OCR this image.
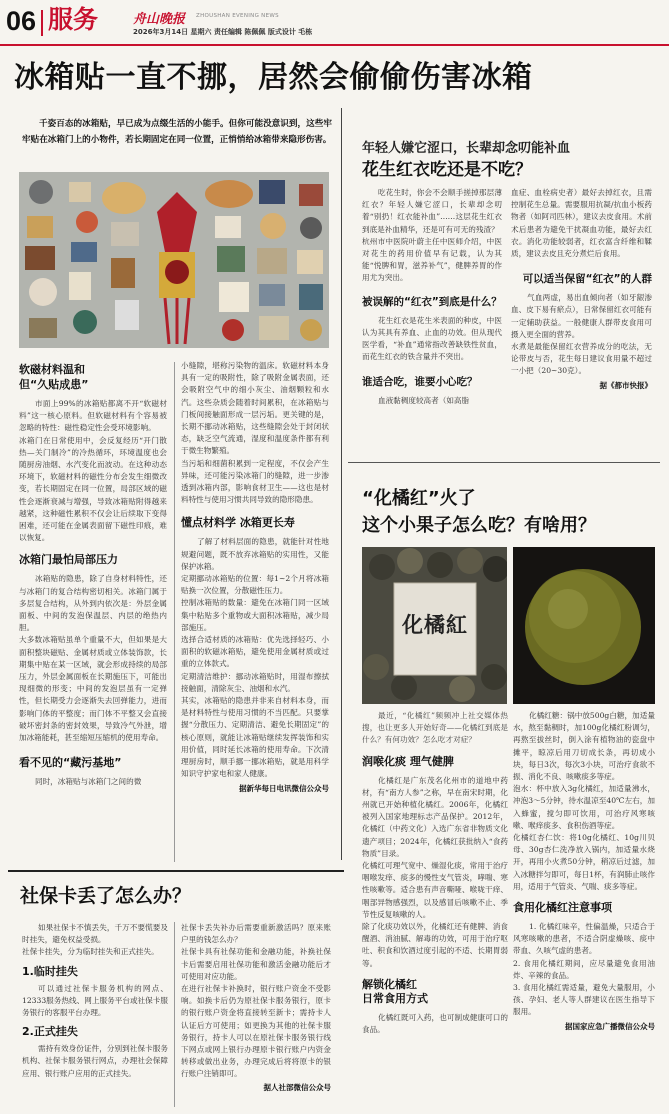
06 服务	舟山晚报 ZHOUSHAN EVENING NEWS
2026年3月14日 星期六 责任编辑 陈佩佩 版式设计 毛栋
冰箱贴一直不挪，居然会偷偷伤害冰箱
千姿百态的冰箱贴，早已成为点缀生活的小能手。但你可能没意识到，这些牢牢贴在冰箱门上的小物件，若长期固定在同一位置，正悄悄给冰箱带来隐形伤害。
软磁材料温和
但“久贴成患”
市面上99%的冰箱贴都离不开“软磁材料”这一核心原料。但软磁材料有个容易被忽略的特性：磁性稳定性会受环境影响。
冰箱门在日常使用中，会反复经历“开门散热—关门制冷”的冷热循环，环境温度也会随厨房油烟、水汽变化而波动。在这种动态环境下，软磁材料的磁性分布会发生细微改变，若长期固定在同一位置，局部区域的磁性会逐渐衰减与增强，导致冰箱贴附得越来越紧，这种磁性累积不仅会让后续取下变得困难，还可能在金属表面留下磁性印痕，难以恢复。
冰箱门最怕局部压力
冰箱贴的隐患，除了自身材料特性，还与冰箱门的复合结构密切相关。冰箱门属于多层复合结构，从外到内依次是：外层金属面板、中间的发泡保温层、内层的绝热内胆。
大多数冰箱贴虽单个重量不大，但如果是大面积整块磁贴、金属材质或立体装饰款，长期集中贴在某一区域，就会形成持续的局部压力，外层金属面板在长期施压下，可能出现细微的形变；中间的发泡层虽有一定弹性，但长期受力会逐渐失去回弹能力，进而影响门体的平整度；而门体不平整又会直接破坏密封条的密封效果，导致冷气外泄，增加冰箱能耗，甚至缩短压缩机的使用寿命。
看不见的“藏污基地”
同时，冰箱贴与冰箱门之间的微
小缝隙，堪称污染物的温床。软磁材料本身具有一定的吸附性，除了吸附金属表面，还会吸附空气中的细小灰尘、油烟颗粒和水汽。这些杂质会随着时间累积，在冰箱贴与门板间接触面形成一层污垢。更关键的是，长期不挪动冰箱贴，这些缝隙会处于封闭状态，缺乏空气流通，湿度和温度条件都有利于微生物繁殖。
当污垢和细菌积累到一定程度，不仅会产生异味，还可能污染冰箱门的缝隙，进一步渗透到冰箱内部，影响食材卫生——这也是材料特性与使用习惯共同导致的隐形隐患。
懂点材料学 冰箱更长寿
了解了材料层面的隐患，就能针对性地规避问题，既不放弃冰箱贴的实用性，又能保护冰箱。
定期挪动冰箱贴的位置：每1~2个月将冰箱贴换一次位置，分散磁性压力。
控制冰箱贴的数量：避免在冰箱门同一区域集中粘贴多个重物或大面积冰箱贴，减少局部施压。
选择合适材质的冰箱贴：优先选择轻巧、小面积的软磁冰箱贴，避免使用金属材质或过重的立体款式。
定期清洁维护：挪动冰箱贴时，用湿布擦拭接触面，清除灰尘、油烟和水汽。
其实，冰箱贴的隐患并非来自材料本身，而是材料特性与使用习惯的不当匹配。只要掌握“分散压力、定期清洁、避免长期固定”的核心原则，就能让冰箱贴继续发挥装饰和实用价值，同时延长冰箱的使用寿命。下次清理厨房时，顺手挪一挪冰箱贴，就是用科学知识守护家电和家人健康。
据新华每日电讯微信公众号
年轻人嫌它涩口，长辈却念叨能补血
花生红衣吃还是不吃？
吃花生时，你会不会顺手搓掉那层薄红衣？年轻人嫌它涩口，长辈却念叨着“别扔！红衣能补血”……这层花生红衣到底是补血精华，还是可有可无的残渣？
杭州市中医院叶蔚主任中医师介绍，中医对花生的药用价值早有记载，认为其能“悦脾和胃，滋养补气”，健脾养胃的作用尤为突出。
被误解的“红衣”到底是什么？
花生红衣是花生米表面的种皮，中医认为其具有养血、止血的功效。但从现代医学看，“补血”通常指改善缺铁性贫血，而花生红衣的铁含量并不突出。
谁适合吃，谁要小心吃？
血液黏稠度较高者（如高脂
血症、血栓病史者）最好去掉红衣，且需控制花生总量。需要服用抗凝/抗血小板药物者（如阿司匹林），建议去皮食用。术前术后患者为避免干扰凝血功能，最好去红衣。消化功能较弱者，红衣富含纤维和鞣质，建议去皮且充分煮烂后食用。
可以适当保留“红衣”的人群
气血两虚，易出血倾向者（如牙龈渗血、皮下易有瘀点），日常保留红衣可能有一定辅助获益。一般健康人群带皮食用可摄入更全面的营养。
水煮是最能保留红衣营养成分的吃法，无论带皮与否，花生每日建议食用量不超过一小把（20~30克）。
据《都市快报》
“化橘红”火了
这个小果子怎么吃？有啥用？
化橘紅
最近，“化橘红”频频冲上社交媒体热搜，也让更多人开始好奇——化橘红到底是什么？有何功效？怎么吃才对症？
润喉化痰 理气健脾
化橘红是广东茂名化州市的道地中药材，有“南方人参”之称，早在南宋时期，化州就已开始种植化橘红。2006年，化橘红被列入国家地理标志产品保护。2012年，化橘红（中药文化）入选广东省非物质文化遗产项目；2024年，化橘红获批纳入“食药物质”目录。
化橘红可理气宽中、燥湿化痰，常用于治疗咽喉发痒、痰多的慢性支气管炎，哮喘、寒性咳嗽等。适合患有声音嘶哑、喉咙干痒、咽部异物感强烈，以及感冒后咳嗽不止、季节性反复咳嗽的人。
除了化痰功效以外，化橘红还有健脾、消食醒酒、消油腻、解毒的功效，可用于治疗呕吐、积食和饮酒过度引起的不适、长期胃弱等。
解锁化橘红
日常食用方式
化橘红既可入药，也可制成健康可口的食品。
化橘红糖：锅中放500g白糖，加适量水，熬至黏稠时，加100g化橘红粉调匀，再熬至拔丝时，倒入涂有植物油的瓷盘中摊平，晾凉后用刀切成长条，再切成小块，每日3次，每次3小块，可治疗食欲不振、消化不良、咳嗽痰多等症。
泡水：杯中放入3g化橘红，加适量沸水，冲泡3～5分钟，待水温凉至40℃左右，加入蜂蜜，搅匀即可饮用，可治疗风寒咳嗽、喉痒痰多、食积伤酒等症。
化橘红杏仁饮：将10g化橘红、10g川贝母、30g杏仁洗净放入锅内，加适量水烧开，再用小火煮50分钟，稍凉后过滤，加入冰糖拌匀即可，每日1杯，有润肺止咳作用，适用于气管炎、气喘、痰多等症。
食用化橘红注意事项
1. 化橘红味辛，性偏温燥，只适合于风寒咳嗽的患者，不适合阴虚燥咳、痰中带血、久咳气虚的患者。
2. 食用化橘红期间，应尽量避免食用油炸、辛辣的食品。
3. 食用化橘红需适量，避免大量服用，小孩、孕妇、老人等人群建议在医生指导下服用。
据国家应急广播微信公众号
社保卡丢了怎么办？
如果社保卡不慎丢失，千万不要慌要及时挂失，避免权益受损。
社保卡挂失，分为临时挂失和正式挂失。
1.临时挂失
可以通过社保卡服务机构的网点、12333服务热线、网上服务平台或社保卡服务银行的客服平台办理。
2.正式挂失
需持有效身份证件，分别到社保卡服务机构、社保卡服务银行网点，办理社会保障应用、银行账户应用的正式挂失。
社保卡丢失补办后需要重新激活吗？原来账户里的钱怎么办？
社保卡具有社保功能和金融功能，补换社保卡后需要启用社保功能和激活金融功能后才可使用对应功能。
在进行社保卡补换时，银行账户资金不受影响。如换卡后仍为原社保卡服务银行，原卡的银行账户资金将直接转至新卡；需持卡人认证后方可使用；如更换为其他的社保卡服务银行，持卡人可以在原社保卡服务银行线下网点或网上银行办理原卡银行账户内资金转移或做出业务，办理完成后将将原卡的银行账户注销即可。
据人社部微信公众号
